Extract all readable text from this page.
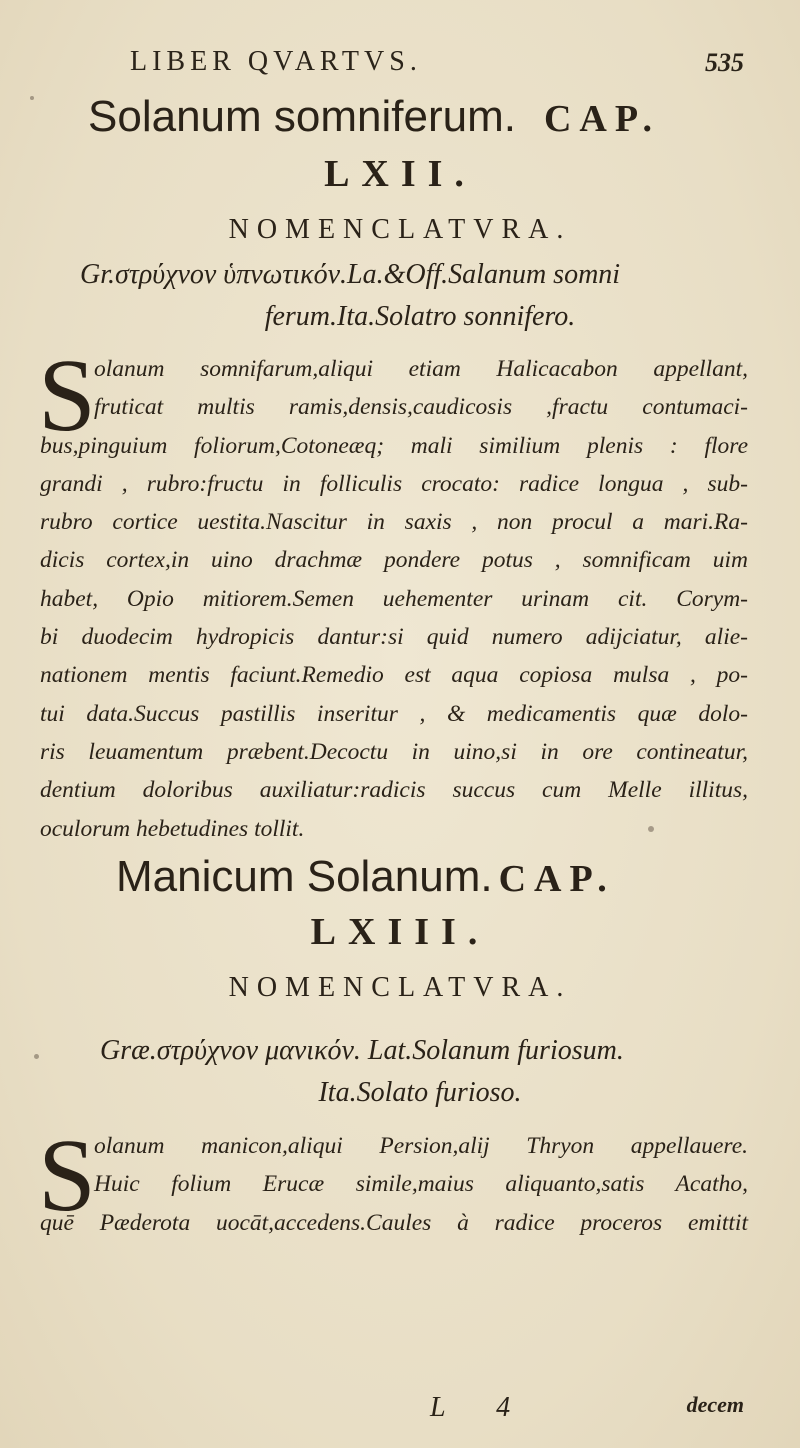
LIBER QVARTVS.	535
Solanum somniferum. CAP.
LXII.
NOMENCLATVRA.
Gr.στρύχνον ὑπνωτικόν.La.&Off.Salanum somni
ferum.Ita.Solatro sonnifero.
S
olanum somnifarum,aliqui etiam Halicacabon appellant,
fruticat multis ramis,densis,caudicosis ,fractu contumaci-
bus,pinguium foliorum,Cotoneæq; mali similium plenis : flore
grandi , rubro:fructu in folliculis crocato: radice longua , sub-
rubro cortice uestita.Nascitur in saxis , non procul a mari.Ra-
dicis cortex,in uino drachmæ pondere potus , somnificam uim
habet, Opio mitiorem.Semen uehementer urinam cit. Corym-
bi duodecim hydropicis dantur:si quid numero adijciatur, alie-
nationem mentis faciunt.Remedio est aqua copiosa mulsa , po-
tui data.Succus pastillis inseritur , & medicamentis quæ dolo-
ris leuamentum præbent.Decoctu in uino,si in ore contineatur,
dentium doloribus auxiliatur:radicis succus cum Melle illitus,
oculorum hebetudines tollit.
Manicum Solanum. CAP.
LXIII.
NOMENCLATVRA.
Græ.στρύχνον μανικόν. Lat.Solanum furiosum.
Ita.Solato furioso.
S
olanum manicon,aliqui Persion,alij Thryon appellauere.
Huic folium Erucæ simile,maius aliquanto,satis Acatho,
quē Pæderota uocāt,accedens.Caules à radice proceros emittit
L 4	decem
